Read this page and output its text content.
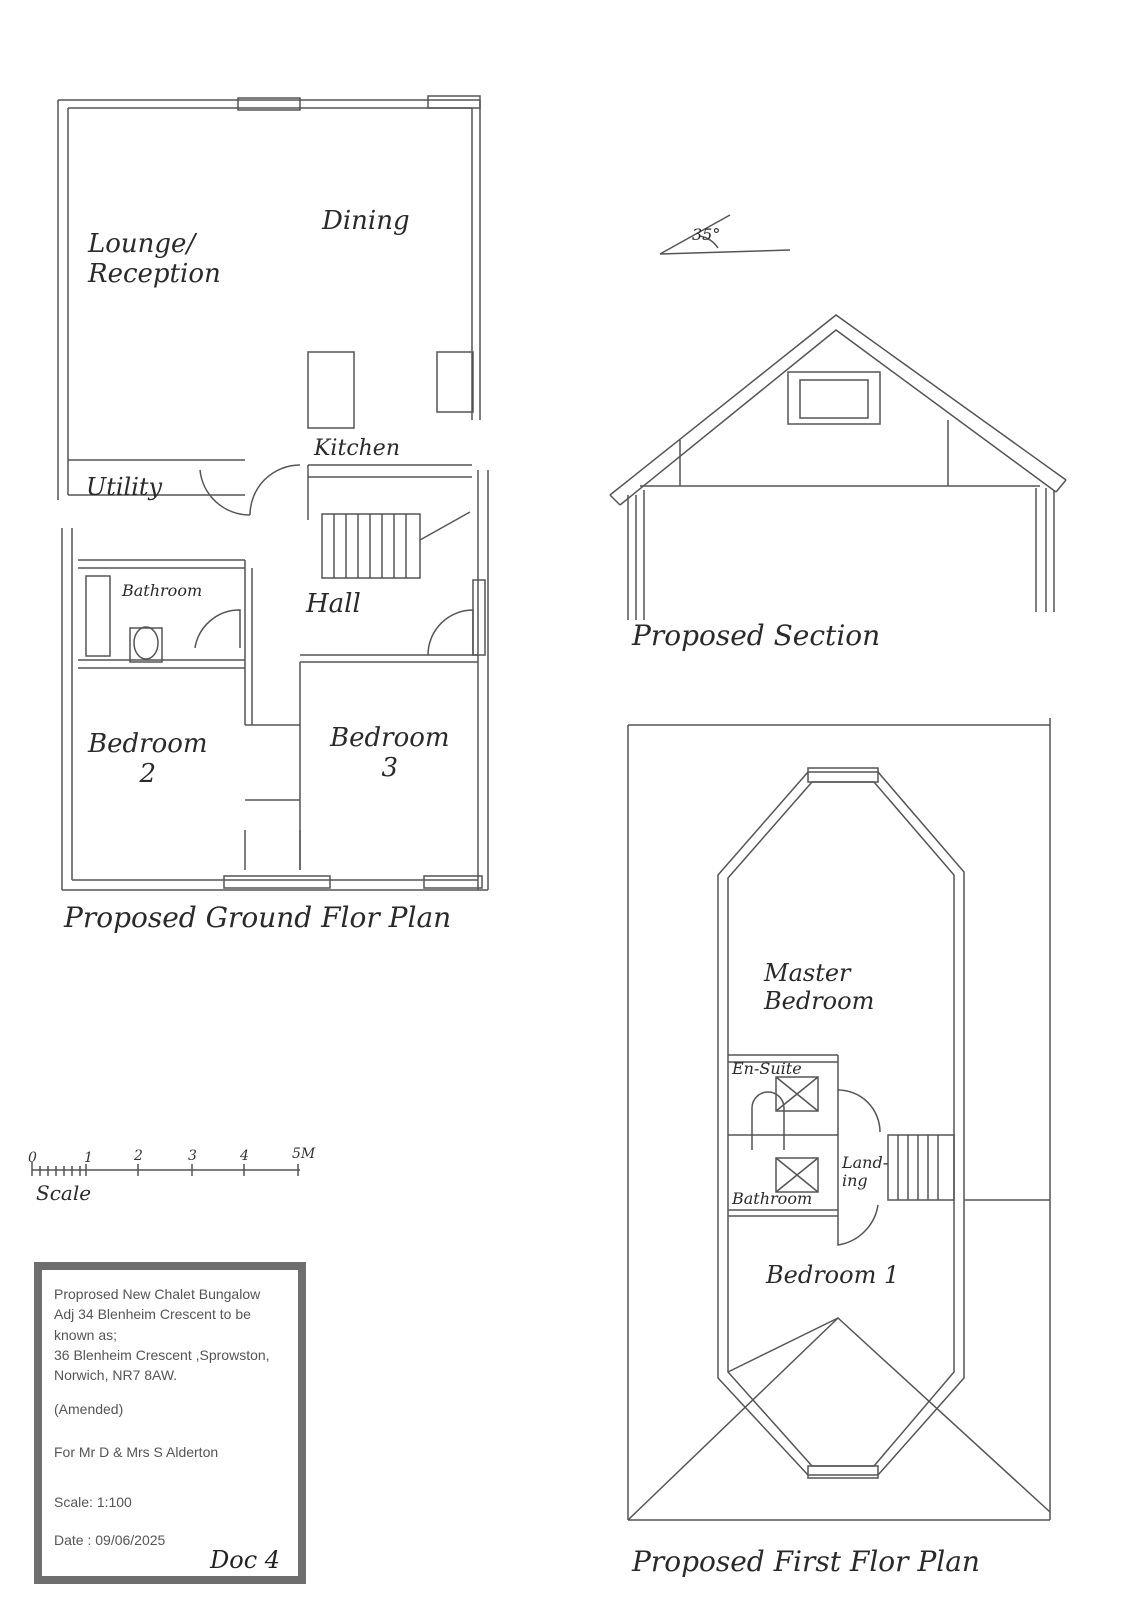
Lounge/
Reception
Dining
Kitchen
Utility
Bathroom	Hall
Bedroom
2
Bedroom
3
Proposed Ground Flor Plan
35°
Proposed Section
Master
Bedroom
En-Suite
Land-
ing
Bathroom
Bedroom 1
Proposed First Flor Plan
0	1	2	3	4	5M
Scale

Proprosed New Chalet Bungalow
Adj 34 Blenheim Crescent to be
known as;
36 Blenheim Crescent ,Sprowston,
Norwich, NR7 8AW.

(Amended)

For Mr D & Mrs S Alderton

Scale: 1:100

Date : 09/06/2025

Doc 4
